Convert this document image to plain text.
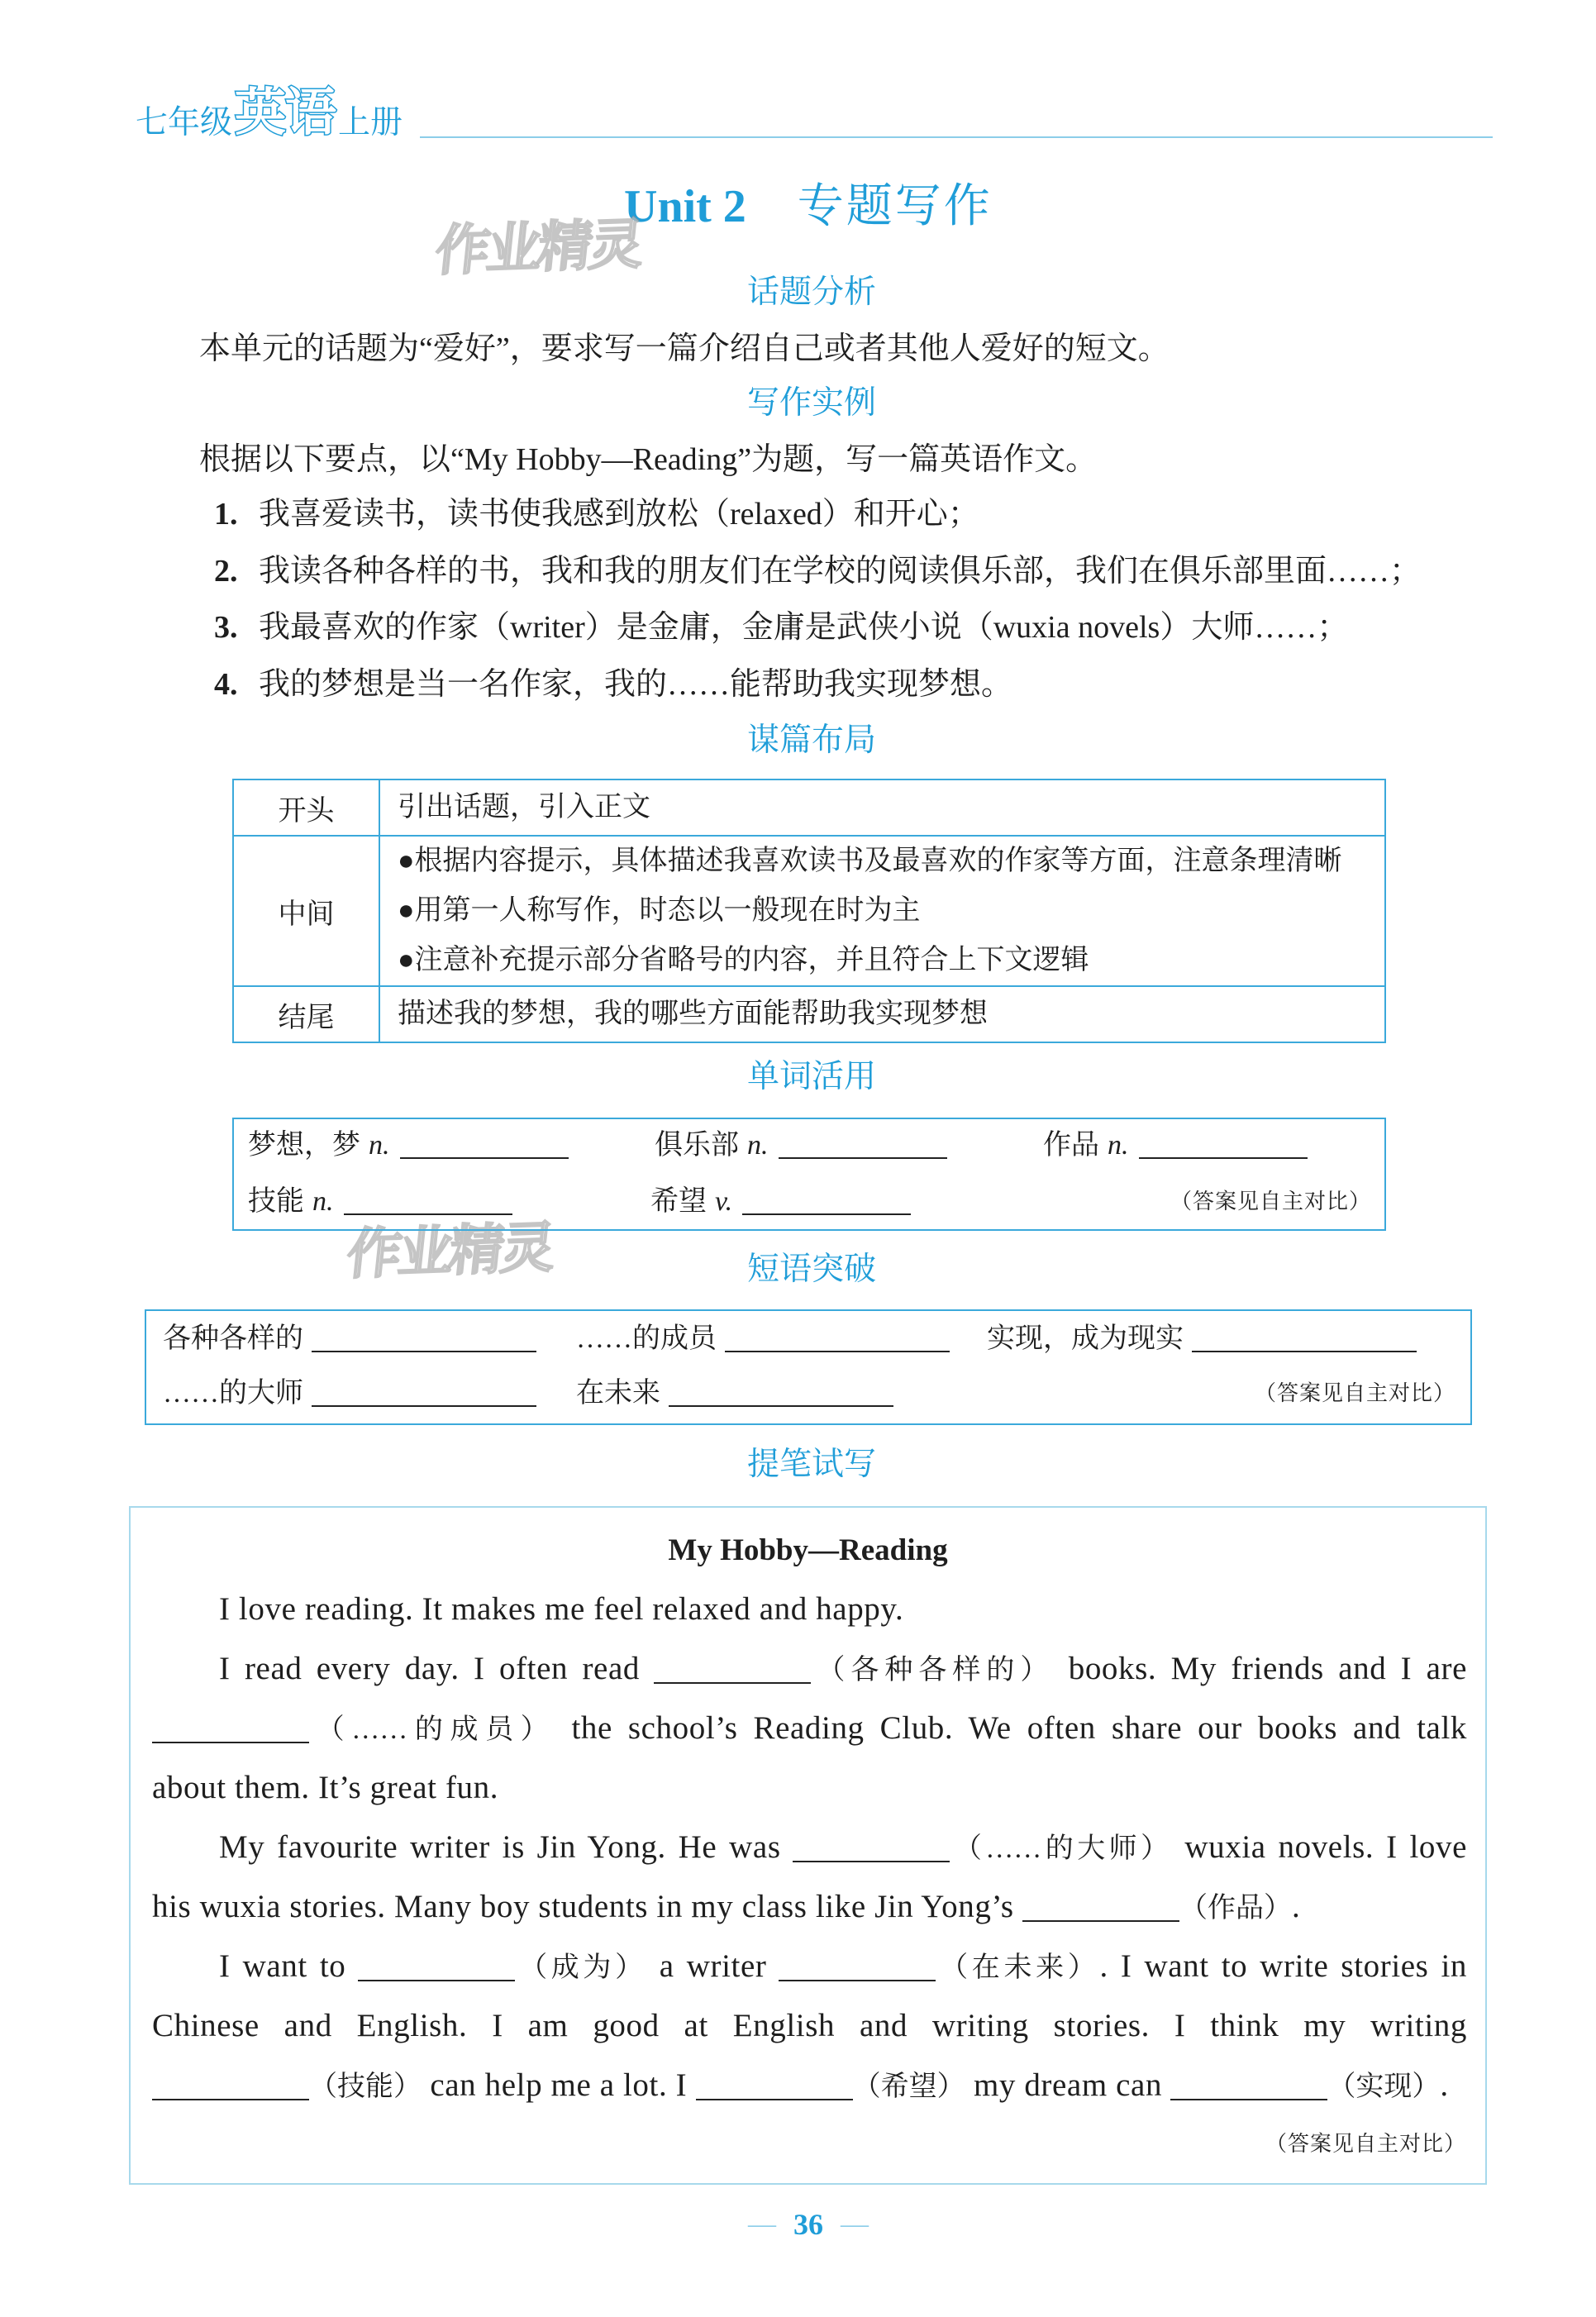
七年级 英语 上册
Unit 2 专题写作
作业精灵
作业精灵
话题分析
本单元的话题为“爱好”，要求写一篇介绍自己或者其他人爱好的短文。
写作实例
根据以下要点，以“My Hobby—Reading”为题，写一篇英语作文。
1. 我喜爱读书，读书使我感到放松（relaxed）和开心；
2. 我读各种各样的书，我和我的朋友们在学校的阅读俱乐部，我们在俱乐部里面……；
3. 我最喜欢的作家（writer）是金庸，金庸是武侠小说（wuxia novels）大师……；
4. 我的梦想是当一名作家，我的……能帮助我实现梦想。
谋篇布局
开头	引出话题，引入正文

中间	●根据内容提示，具体描述我喜欢读书及最喜欢的作家等方面，注意条理清晰
●用第一人称写作，时态以一般现在时为主
●注意补充提示部分省略号的内容，并且符合上下文逻辑

结尾	描述我的梦想，我的哪些方面能帮助我实现梦想
单词活用
梦想，梦 n.	俱乐部 n.	作品 n.
技能 n.	希望 v.	（答案见自主对比）
短语突破
各种各样的	……的成员	实现，成为现实
……的大师	在未来	（答案见自主对比）
提笔试写
My Hobby—Reading
I love reading. It makes me feel relaxed and happy.
I read every day. I often read	（各种各样的） books. My friends and I are
（……的成员） the school’s Reading Club. We often share our books and talk
about them. It’s great fun.
My favourite writer is Jin Yong. He was	（……的大师） wuxia novels. I love
his wuxia stories. Many boy students in my class like Jin Yong’s	（作品）.
I want to	（成为） a writer	（在未来）. I want to write stories in
Chinese and English. I am good at English and writing stories. I think my writing
（技能） can help me a lot. I	（希望） my dream can	（实现）.
（答案见自主对比）
— 36 —
